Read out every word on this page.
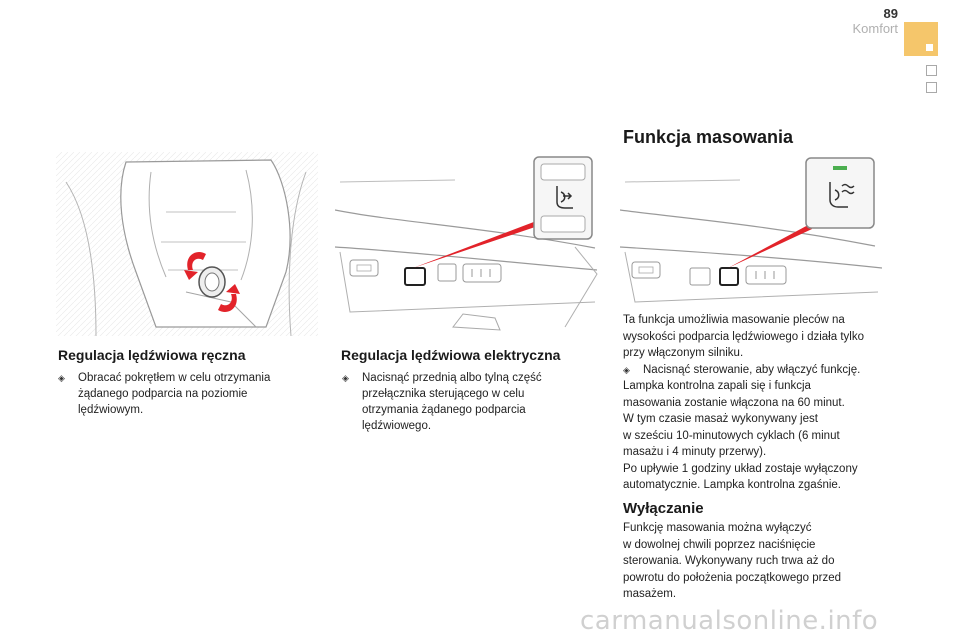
89
Komfort
Regulacja lędźwiowa ręczna
◈	Obracać pokrętłem w celu otrzymania
żądanego podparcia na poziomie
lędźwiowym.
Regulacja lędźwiowa elektryczna
◈	Nacisnąć przednią albo tylną część
przełącznika sterującego w celu
otrzymania żądanego podparcia
lędźwiowego.
Funkcja masowania
Ta funkcja umożliwia masowanie pleców na
wysokości podparcia lędźwiowego i działa tylko
przy włączonym silniku.
◈	Nacisnąć sterowanie, aby włączyć funkcję.
Lampka kontrolna zapali się i funkcja
masowania zostanie włączona na 60 minut.
W tym czasie masaż wykonywany jest
w sześciu 10-minutowych cyklach (6 minut
masażu i 4 minuty przerwy).
Po upływie 1 godziny układ zostaje wyłączony
automatycznie. Lampka kontrolna zgaśnie.
Wyłączanie
Funkcję masowania można wyłączyć
w dowolnej chwili poprzez naciśnięcie
sterowania. Wykonywany ruch trwa aż do
powrotu do położenia początkowego przed
masażem.
carmanualsonline.info
